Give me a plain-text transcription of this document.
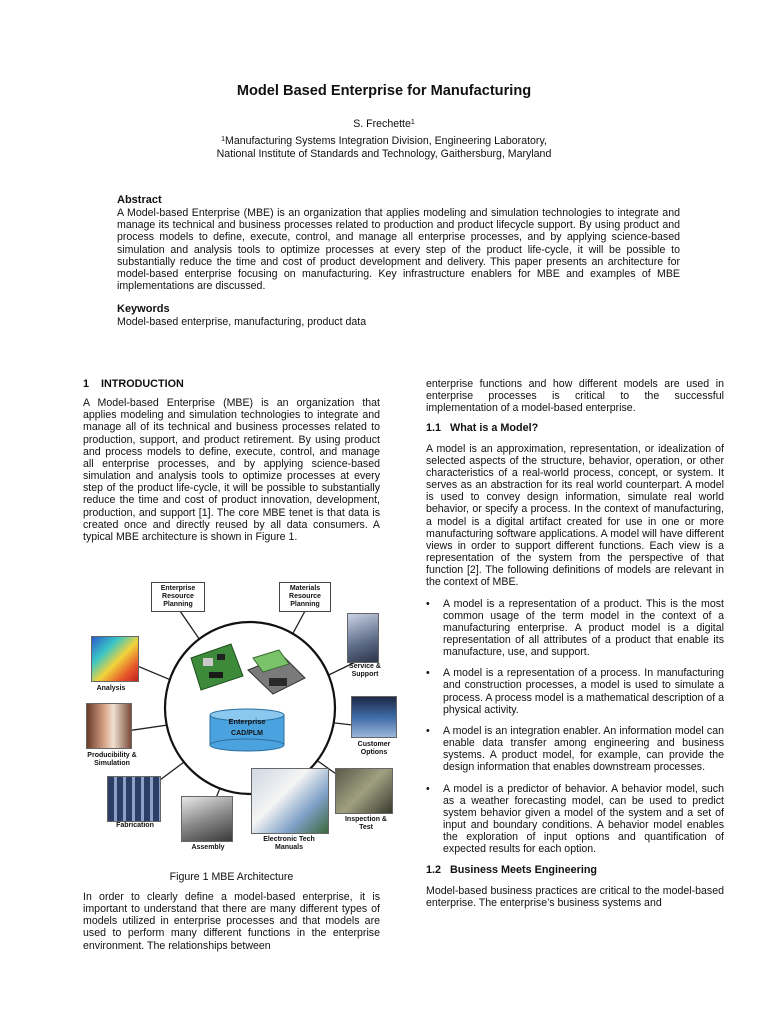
Model Based Enterprise for Manufacturing
S. Frechette$^1$
$^1$Manufacturing Systems Integration Division, Engineering Laboratory,
National Institute of Standards and Technology, Gaithersburg, Maryland
Abstract

A Model-based Enterprise (MBE) is an organization that applies modeling and simulation technologies to integrate and manage its technical and business processes related to production and product lifecycle support. By using product and process models to define, execute, control, and manage all enterprise processes, and by applying science-based simulation and analysis tools to optimize processes at every step of the product life-cycle, it will be possible to substantially reduce the time and cost of product development and delivery. This paper presents an architecture for model-based enterprise focusing on manufacturing. Key infrastructure enablers for MBE and examples of MBE implementations are discussed.

Keywords

Model-based enterprise, manufacturing, product data

1    INTRODUCTION

A Model-based Enterprise (MBE) is an organization that applies modeling and simulation technologies to integrate and manage all of its technical and business processes related to production, support, and product retirement. By using product and process models to define, execute, control, and manage all enterprise processes, and by applying science-based simulation and analysis tools to optimize processes at every step of the product life-cycle, it will be possible to substantially reduce the time and cost of product innovation, development, production, and support [1]. The core MBE tenet is that data is created once and directly reused by all data consumers. A typical MBE architecture is shown in Figure 1.

Enterprise Resource Planning
Materials Resource Planning
Analysis
Service & Support
Producibility & Simulation
Customer Options
Fabrication
Inspection & Test
Assembly
Electronic Tech Manuals
Enterprise
CAD/PLM
Figure 1 MBE Architecture

In order to clearly define a model-based enterprise, it is important to understand that there are many different types of models utilized in enterprise processes and that models are used to perform many different functions in the enterprise environment. The relationships between

enterprise functions and how different models are used in enterprise processes is critical to the successful implementation of a model-based enterprise.

1.1   What is a Model?

A model is an approximation, representation, or idealization of selected aspects of the structure, behavior, operation, or other characteristics of a real-world process, concept, or system. It serves as an abstraction for its real world counterpart. A model is used to convey design information, simulate real world behavior, or specify a process. In the context of manufacturing, a model is a digital artifact created for use in one or more manufacturing software applications. A model will have different views in order to support different functions. Each view is a representation of the system from the perspective of that function [2]. The following definitions of models are relevant in the context of MBE.

• A model is a representation of a product. This is the most common usage of the term model in the context of a manufacturing enterprise. A product model is a digital representation of all attributes of a product that enable its manufacture, use, and support.
• A model is a representation of a process. In manufacturing and construction processes, a model is used to simulate a process. A process model is a mathematical description of a physical activity.
• A model is an integration enabler. An information model can enable data transfer among engineering and business systems. A product model, for example, can provide the design information that enables downstream processes.
• A model is a predictor of behavior. A behavior model, such as a weather forecasting model, can be used to predict system behavior given a model of the system and a set of input and boundary conditions. A behavior model enables the exploration of input options and quantification of expected results for each option.
1.2   Business Meets Engineering

Model-based business practices are critical to the model-based enterprise. The enterprise’s business systems and
